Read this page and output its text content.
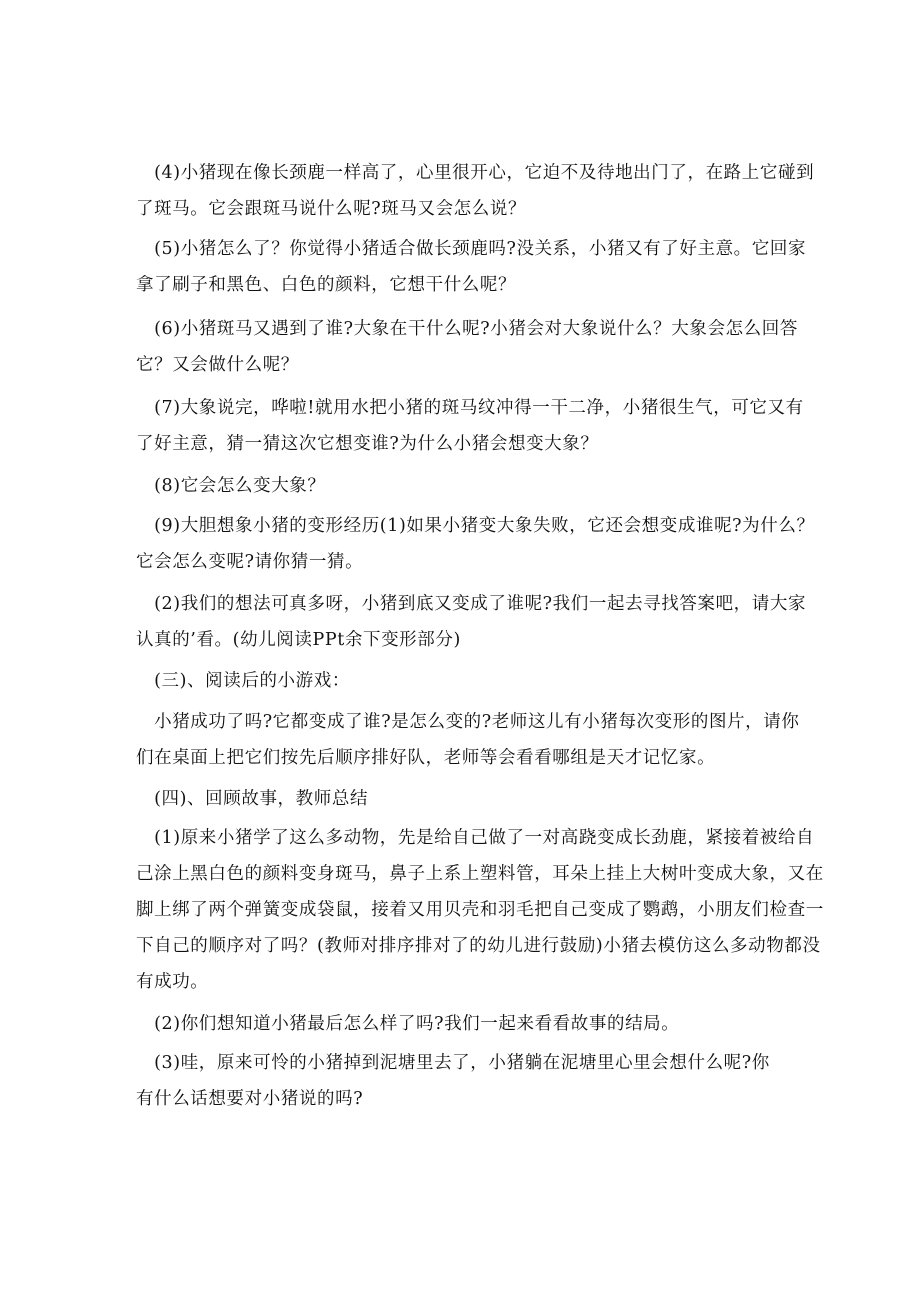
　(4)小猪现在像长颈鹿一样高了，心里很开心，它迫不及待地出门了，在路上它碰到
了斑马。它会跟斑马说什么呢?斑马又会怎么说？
　(5)小猪怎么了？你觉得小猪适合做长颈鹿吗?没关系，小猪又有了好主意。它回家
拿了刷子和黑色、白色的颜料，它想干什么呢？
　(6)小猪斑马又遇到了谁?大象在干什么呢?小猪会对大象说什么？大象会怎么回答
它？又会做什么呢？
　(7)大象说完，哗啦!就用水把小猪的斑马纹冲得一干二净，小猪很生气，可它又有
了好主意，猜一猜这次它想变谁?为什么小猪会想变大象？
　(8)它会怎么变大象？
　(9)大胆想象小猪的变形经历(1)如果小猪变大象失败，它还会想变成谁呢?为什么？
它会怎么变呢?请你猜一猜。
　(2)我们的想法可真多呀，小猪到底又变成了谁呢?我们一起去寻找答案吧，请大家
认真的’看。(幼儿阅读PPt余下变形部分)
　(三)、阅读后的小游戏：
　小猪成功了吗?它都变成了谁?是怎么变的?老师这儿有小猪每次变形的图片，请你
们在桌面上把它们按先后顺序排好队，老师等会看看哪组是天才记忆家。
　(四)、回顾故事，教师总结
　(1)原来小猪学了这么多动物，先是给自己做了一对高跷变成长劲鹿，紧接着被给自
己涂上黑白色的颜料变身斑马，鼻子上系上塑料管，耳朵上挂上大树叶变成大象，又在
脚上绑了两个弹簧变成袋鼠，接着又用贝壳和羽毛把自己变成了鹦鹉，小朋友们检查一
下自己的顺序对了吗？(教师对排序排对了的幼儿进行鼓励)小猪去模仿这么多动物都没
有成功。
　(2)你们想知道小猪最后怎么样了吗?我们一起来看看故事的结局。
　(3)哇，原来可怜的小猪掉到泥塘里去了，小猪躺在泥塘里心里会想什么呢?你
有什么话想要对小猪说的吗?
